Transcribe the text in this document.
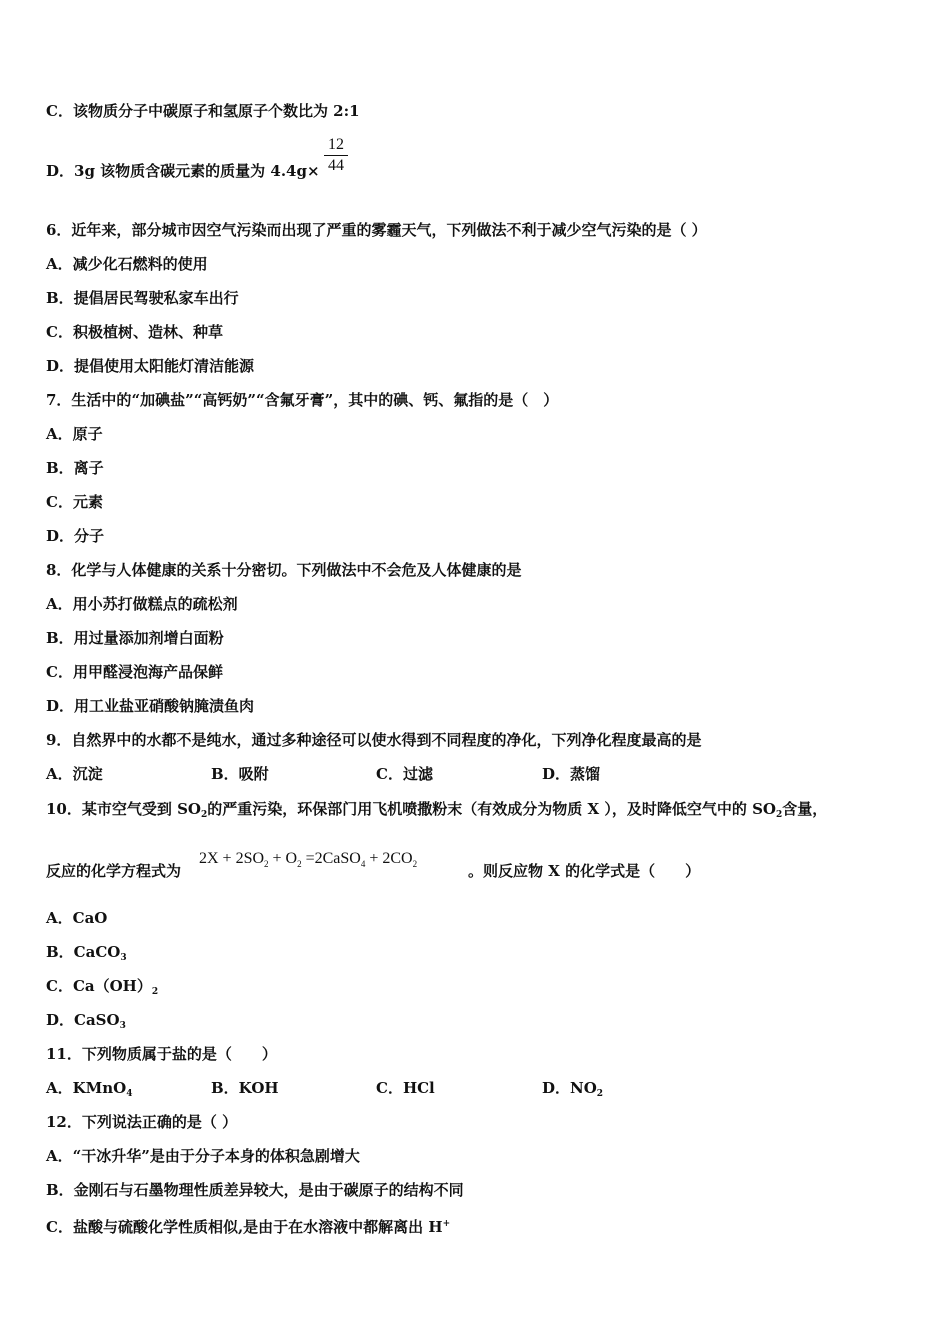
C．该物质分子中碳原子和氢原子个数比为 2:1
D．3g 该物质含碳元素的质量为 $4.4g\times \frac{12}{44}$
6．近年来，部分城市因空气污染而出现了严重的雾霾天气，下列做法不利于减少空气污染的是（ ）
A．减少化石燃料的使用
B．提倡居民驾驶私家车出行
C．积极植树、造林、种草
D．提倡使用太阳能灯清洁能源
7．生活中的“加碘盐”“高钙奶”“含氟牙膏”，其中的碘、钙、氟指的是（　）
A．原子
B．离子
C．元素
D．分子
8．化学与人体健康的关系十分密切。下列做法中不会危及人体健康的是
A．用小苏打做糕点的疏松剂
B．用过量添加剂增白面粉
C．用甲醛浸泡海产品保鲜
D．用工业盐亚硝酸钠腌渍鱼肉
9．自然界中的水都不是纯水，通过多种途径可以使水得到不同程度的净化，下列净化程度最高的是
A．沉淀	B．吸附	C．过滤	D．蒸馏
10．某市空气受到 $SO_2$的严重污染，环保部门用飞机喷撒粉末（有效成分为物质 X ），及时降低空气中的 $SO_2$含量，
反应的化学方程式为
$2X + 2SO_2 + O_2$ =2CaSO$_4$ + $2CO_2$	。则反应物 X 的化学式是（　　）
A．CaO
B．CaCO$_3$
C．$Ca(OH)_2$
D．CaSO$_3$
11．下列物质属于盐的是（　　）
A．KMnO$_4$	B．KOH	C．HCl	D．$NO_2$
12．下列说法正确的是（ ）
A．“干冰升华”是由于分子本身的体积急剧增大
B．金刚石与石墨物理性质差异较大，是由于碳原子的结构不同
C．盐酸与硫酸化学性质相似,是由于在水溶液中都解离出 H+
